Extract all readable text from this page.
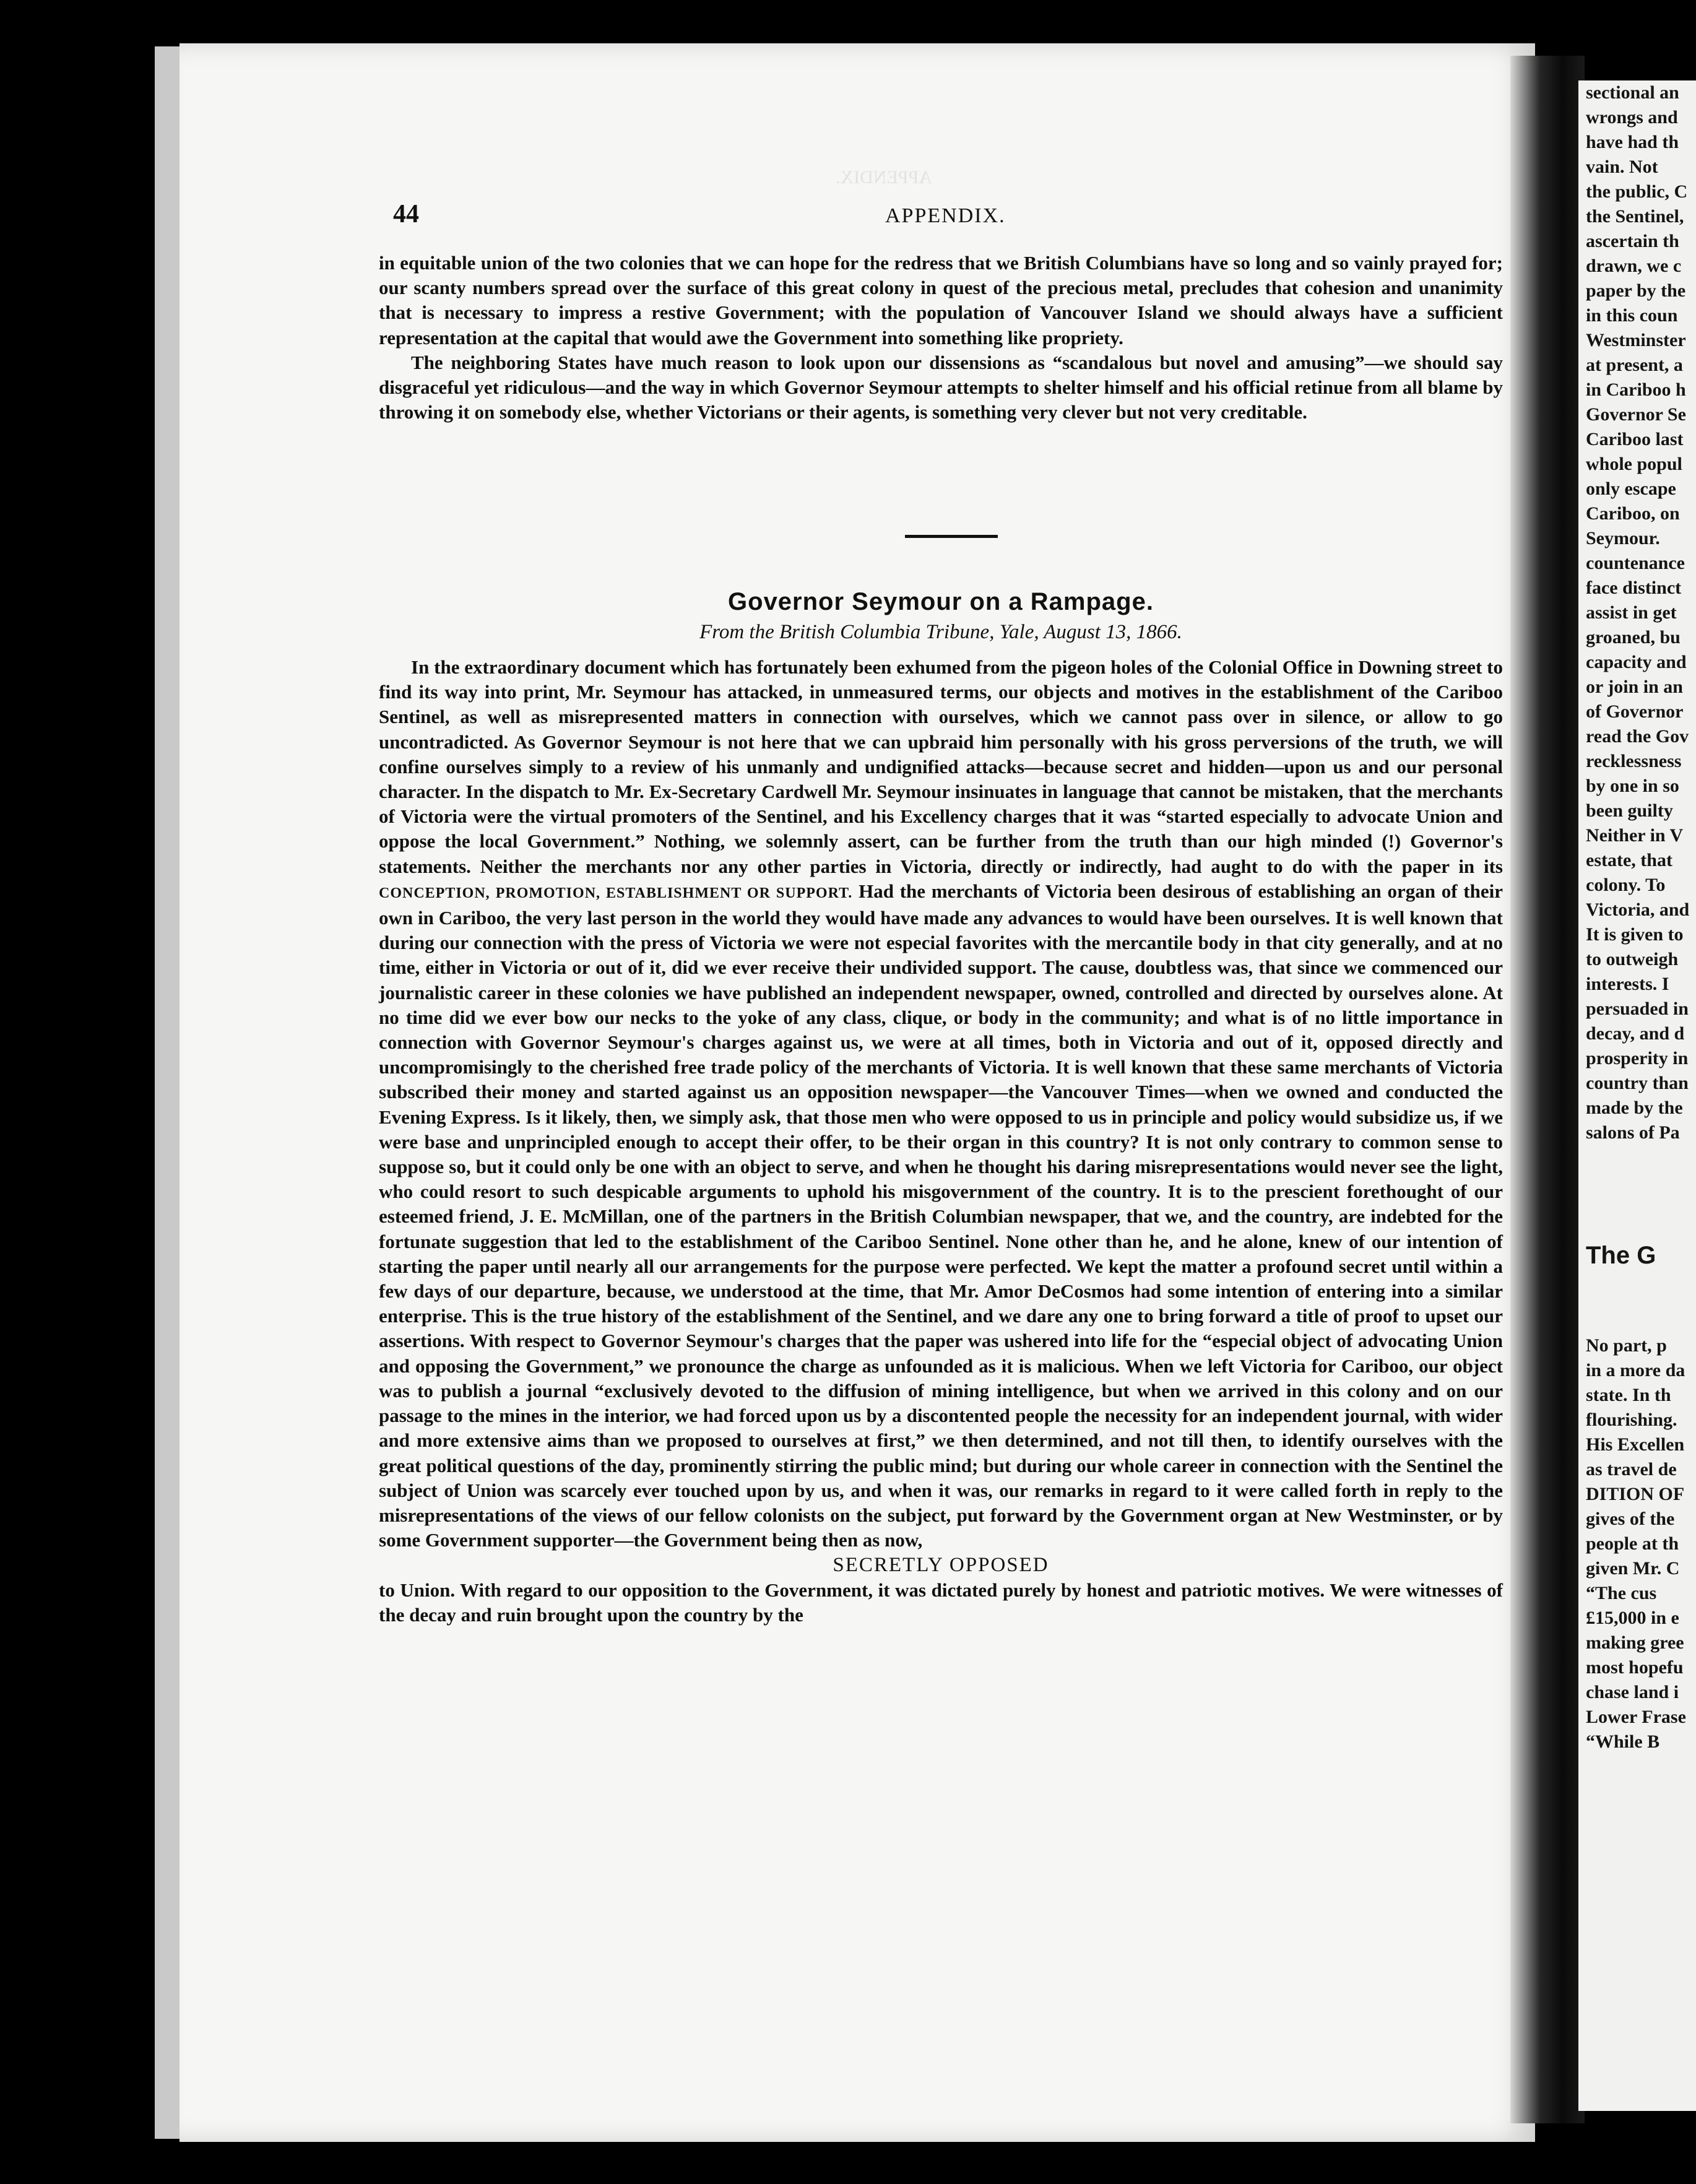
APPENDIX.
44	APPENDIX.

in equitable union of the two colonies that we can hope for the redress that we British Columbians have so long and so vainly prayed for; our scanty numbers spread over the surface of this great colony in quest of the precious metal, precludes that cohesion and unanimity that is necessary to impress a restive Government; with the population of Vancouver Island we should always have a sufficient representation at the capital that would awe the Government into something like propriety.

The neighboring States have much reason to look upon our dissensions as “scandalous but novel and amusing”—we should say disgraceful yet ridiculous—and the way in which Governor Seymour attempts to shelter himself and his official retinue from all blame by throwing it on somebody else, whether Victorians or their agents, is something very clever but not very creditable.

Governor Seymour on a Rampage.
From the British Columbia Tribune, Yale, August 13, 1866.

In the extraordinary document which has fortunately been exhumed from the pigeon holes of the Colonial Office in Downing street to find its way into print, Mr. Seymour has attacked, in unmeasured terms, our objects and motives in the establishment of the Cariboo Sentinel, as well as misrepresented matters in connection with ourselves, which we cannot pass over in silence, or allow to go uncontradicted. As Governor Seymour is not here that we can upbraid him personally with his gross perversions of the truth, we will confine ourselves simply to a review of his unmanly and undignified attacks—because secret and hidden—upon us and our personal character. In the dispatch to Mr. Ex-Secretary Cardwell Mr. Seymour insinuates in language that cannot be mistaken, that the merchants of Victoria were the virtual promoters of the Sentinel, and his Excellency charges that it was “started especially to advocate Union and oppose the local Government.” Nothing, we solemnly assert, can be further from the truth than our high minded (!) Governor's statements. Neither the merchants nor any other parties in Victoria, directly or indirectly, had aught to do with the paper in its CONCEPTION, PROMOTION, ESTABLISHMENT OR SUPPORT. Had the merchants of Victoria been desirous of establishing an organ of their own in Cariboo, the very last person in the world they would have made any advances to would have been ourselves. It is well known that during our connection with the press of Victoria we were not especial favorites with the mercantile body in that city generally, and at no time, either in Victoria or out of it, did we ever receive their undivided support. The cause, doubtless was, that since we commenced our journalistic career in these colonies we have published an independent newspaper, owned, controlled and directed by ourselves alone. At no time did we ever bow our necks to the yoke of any class, clique, or body in the community; and what is of no little importance in connection with Governor Seymour's charges against us, we were at all times, both in Victoria and out of it, opposed directly and uncompromisingly to the cherished free trade policy of the merchants of Victoria. It is well known that these same merchants of Victoria subscribed their money and started against us an opposition newspaper—the Vancouver Times—when we owned and conducted the Evening Express. Is it likely, then, we simply ask, that those men who were opposed to us in principle and policy would subsidize us, if we were base and unprincipled enough to accept their offer, to be their organ in this country? It is not only contrary to common sense to suppose so, but it could only be one with an object to serve, and when he thought his daring misrepresentations would never see the light, who could resort to such despicable arguments to uphold his misgovernment of the country. It is to the prescient forethought of our esteemed friend, J. E. McMillan, one of the partners in the British Columbian newspaper, that we, and the country, are indebted for the fortunate suggestion that led to the establishment of the Cariboo Sentinel. None other than he, and he alone, knew of our intention of starting the paper until nearly all our arrangements for the purpose were perfected. We kept the matter a profound secret until within a few days of our departure, because, we understood at the time, that Mr. Amor DeCosmos had some intention of entering into a similar enterprise. This is the true history of the establishment of the Sentinel, and we dare any one to bring forward a title of proof to upset our assertions. With respect to Governor Seymour's charges that the paper was ushered into life for the “especial object of advocating Union and opposing the Government,” we pronounce the charge as unfounded as it is malicious. When we left Victoria for Cariboo, our object was to publish a journal “exclusively devoted to the diffusion of mining intelligence, but when we arrived in this colony and on our passage to the mines in the interior, we had forced upon us by a discontented people the necessity for an independent journal, with wider and more extensive aims than we proposed to ourselves at first,” we then determined, and not till then, to identify ourselves with the great political questions of the day, prominently stirring the public mind; but during our whole career in connection with the Sentinel the subject of Union was scarcely ever touched upon by us, and when it was, our remarks in regard to it were called forth in reply to the misrepresentations of the views of our fellow colonists on the subject, put forward by the Government organ at New Westminster, or by some Government supporter—the Government being then as now,

SECRETLY OPPOSED

to Union. With regard to our opposition to the Government, it was dictated purely by honest and patriotic motives. We were witnesses of the decay and ruin brought upon the country by the

sectional an
wrongs and
have had th
vain. Not
the public, C
the Sentinel,
ascertain th
drawn, we c
paper by the
in this coun
Westminster
at present, a
in Cariboo h
Governor Se
Cariboo last
whole popul
only escape
Cariboo, on
Seymour.
countenance
face distinct
assist in get
groaned, bu
capacity and
or join in an
of Governor
read the Gov
recklessness
by one in so
been guilty
Neither in V
estate, that
colony. To
Victoria, and
It is given to
to outweigh
interests. I
persuaded in
decay, and d
prosperity in
country than
made by the
salons of Pa
The G
No part, p
in a more da
state. In th
flourishing.
His Excellen
as travel de
DITION OF
gives of the
people at th
given Mr. C
“The cus
£15,000 in e
making gree
most hopefu
chase land i
Lower Frase
“While B
